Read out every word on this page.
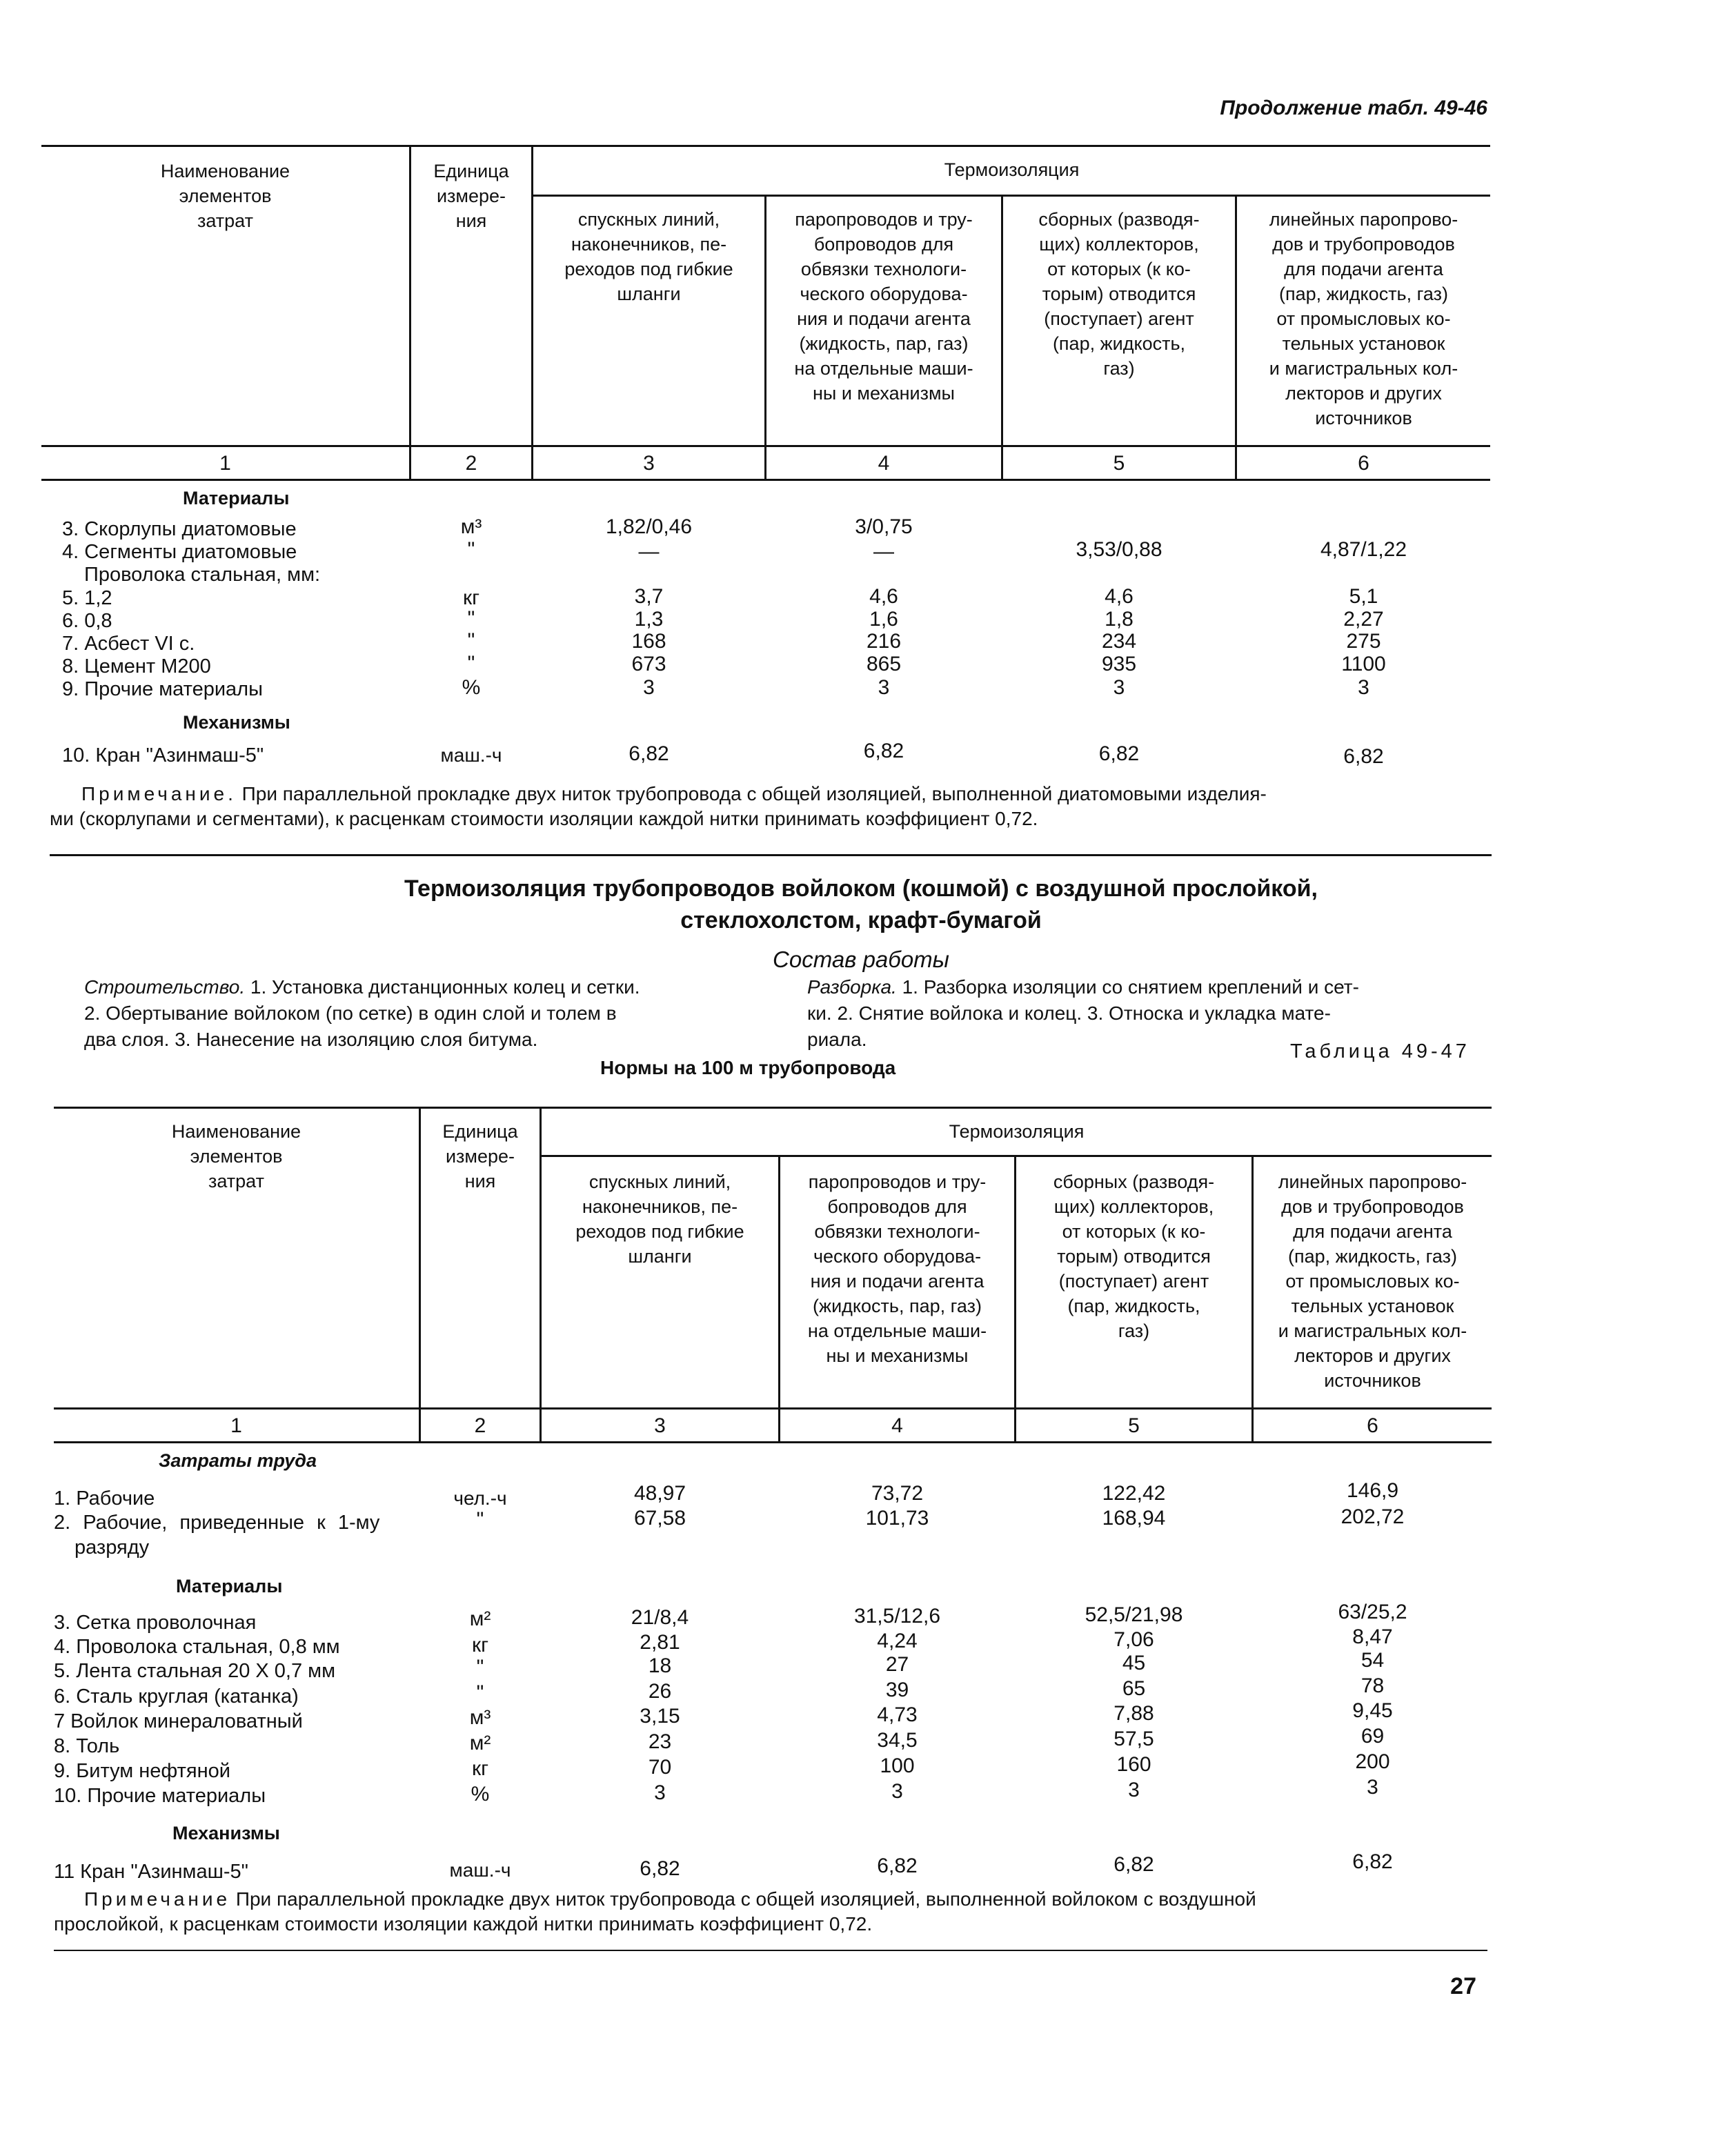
Продолжение табл. 49-46
Наименование
элементов
затрат
Единица
измере-
ния
Термоизоляция
спускных линий,
наконечников, пе-
реходов под гибкие
шланги
паропроводов и тру-
бопроводов для
обвязки технологи-
ческого оборудова-
ния и подачи агента
(жидкость, пар, газ)
на отдельные маши-
ны и механизмы
сборных (разводя-
щих) коллекторов,
от которых (к ко-
торым) отводится
(поступает) агент
(пар, жидкость,
газ)
линейных паропрово-
дов и трубопроводов
для подачи агента
(пар, жидкость, газ)
от промысловых ко-
тельных установок
и магистральных кол-
лекторов и других
источников
1	2	3	4	5	6
Материалы
3. Скорлупы диатомовые	м³	1,82/0,46	3/0,75
4. Сегменты диатомовые	"	—	—	3,53/0,88	4,87/1,22
Проволока стальная, мм:
5. 1,2	кг	3,7	4,6	4,6	5,1
6. 0,8	"	1,3	1,6	1,8	2,27
7. Асбест VI с.	"	168	216	234	275
8. Цемент М200	"	673	865	935	1100
9. Прочие материалы	%	3	3	3	3
Механизмы
10. Кран "Азинмаш-5"	маш.-ч	6,82	6,82	6,82	6,82
Примечание. При параллельной прокладке двух ниток трубопровода с общей изоляцией, выполненной диатомовыми изделия-
ми (скорлупами и сегментами), к расценкам стоимости изоляции каждой нитки принимать коэффициент 0,72.
Термоизоляция трубопроводов войлоком (кошмой) с воздушной прослойкой,
стеклохолстом, крафт-бумагой
Состав работы
Строительство. 1. Установка дистанционных колец и сетки.
2. Обертывание войлоком (по сетке) в один слой и толем в
два слоя. 3. Нанесение на изоляцию слоя битума.
Разборка. 1. Разборка изоляции со снятием креплений и сет-
ки. 2. Снятие войлока и колец. 3. Относка и укладка мате-
риала.
Таблица 49-47
Нормы на 100 м трубопровода
Наименование
элементов
затрат
Единица
измере-
ния
Термоизоляция
спускных линий,
наконечников, пе-
реходов под гибкие
шланги
паропроводов и тру-
бопроводов для
обвязки технологи-
ческого оборудова-
ния и подачи агента
(жидкость, пар, газ)
на отдельные маши-
ны и механизмы
сборных (разводя-
щих) коллекторов,
от которых (к ко-
торым) отводится
(поступает) агент
(пар, жидкость,
газ)
линейных паропрово-
дов и трубопроводов
для подачи агента
(пар, жидкость, газ)
от промысловых ко-
тельных установок
и магистральных кол-
лекторов и других
источников
1	2	3	4	5	6
Затраты труда
1. Рабочие	чел.-ч	48,97	73,72	122,42	146,9
2. Рабочие, приведенные к 1-му
разряду
"	67,58	101,73	168,94	202,72
Материалы
3. Сетка проволочная	м²	21/8,4	31,5/12,6	52,5/21,98	63/25,2
4. Проволока стальная, 0,8 мм	кг	2,81	4,24	7,06	8,47
5. Лента стальная 20 X 0,7 мм	"	18	27	45	54
6. Сталь круглая (катанка)	"	26	39	65	78
7 Войлок минераловатный	м³	3,15	4,73	7,88	9,45
8. Толь	м²	23	34,5	57,5	69
9. Битум нефтяной	кг	70	100	160	200
10. Прочие материалы	%	3	3	3	3
Механизмы
11 Кран "Азинмаш-5"	маш.-ч	6,82	6,82	6,82	6,82
Примечание При параллельной прокладке двух ниток трубопровода с общей изоляцией, выполненной войлоком с воздушной
прослойкой, к расценкам стоимости изоляции каждой нитки принимать коэффициент 0,72.
27
